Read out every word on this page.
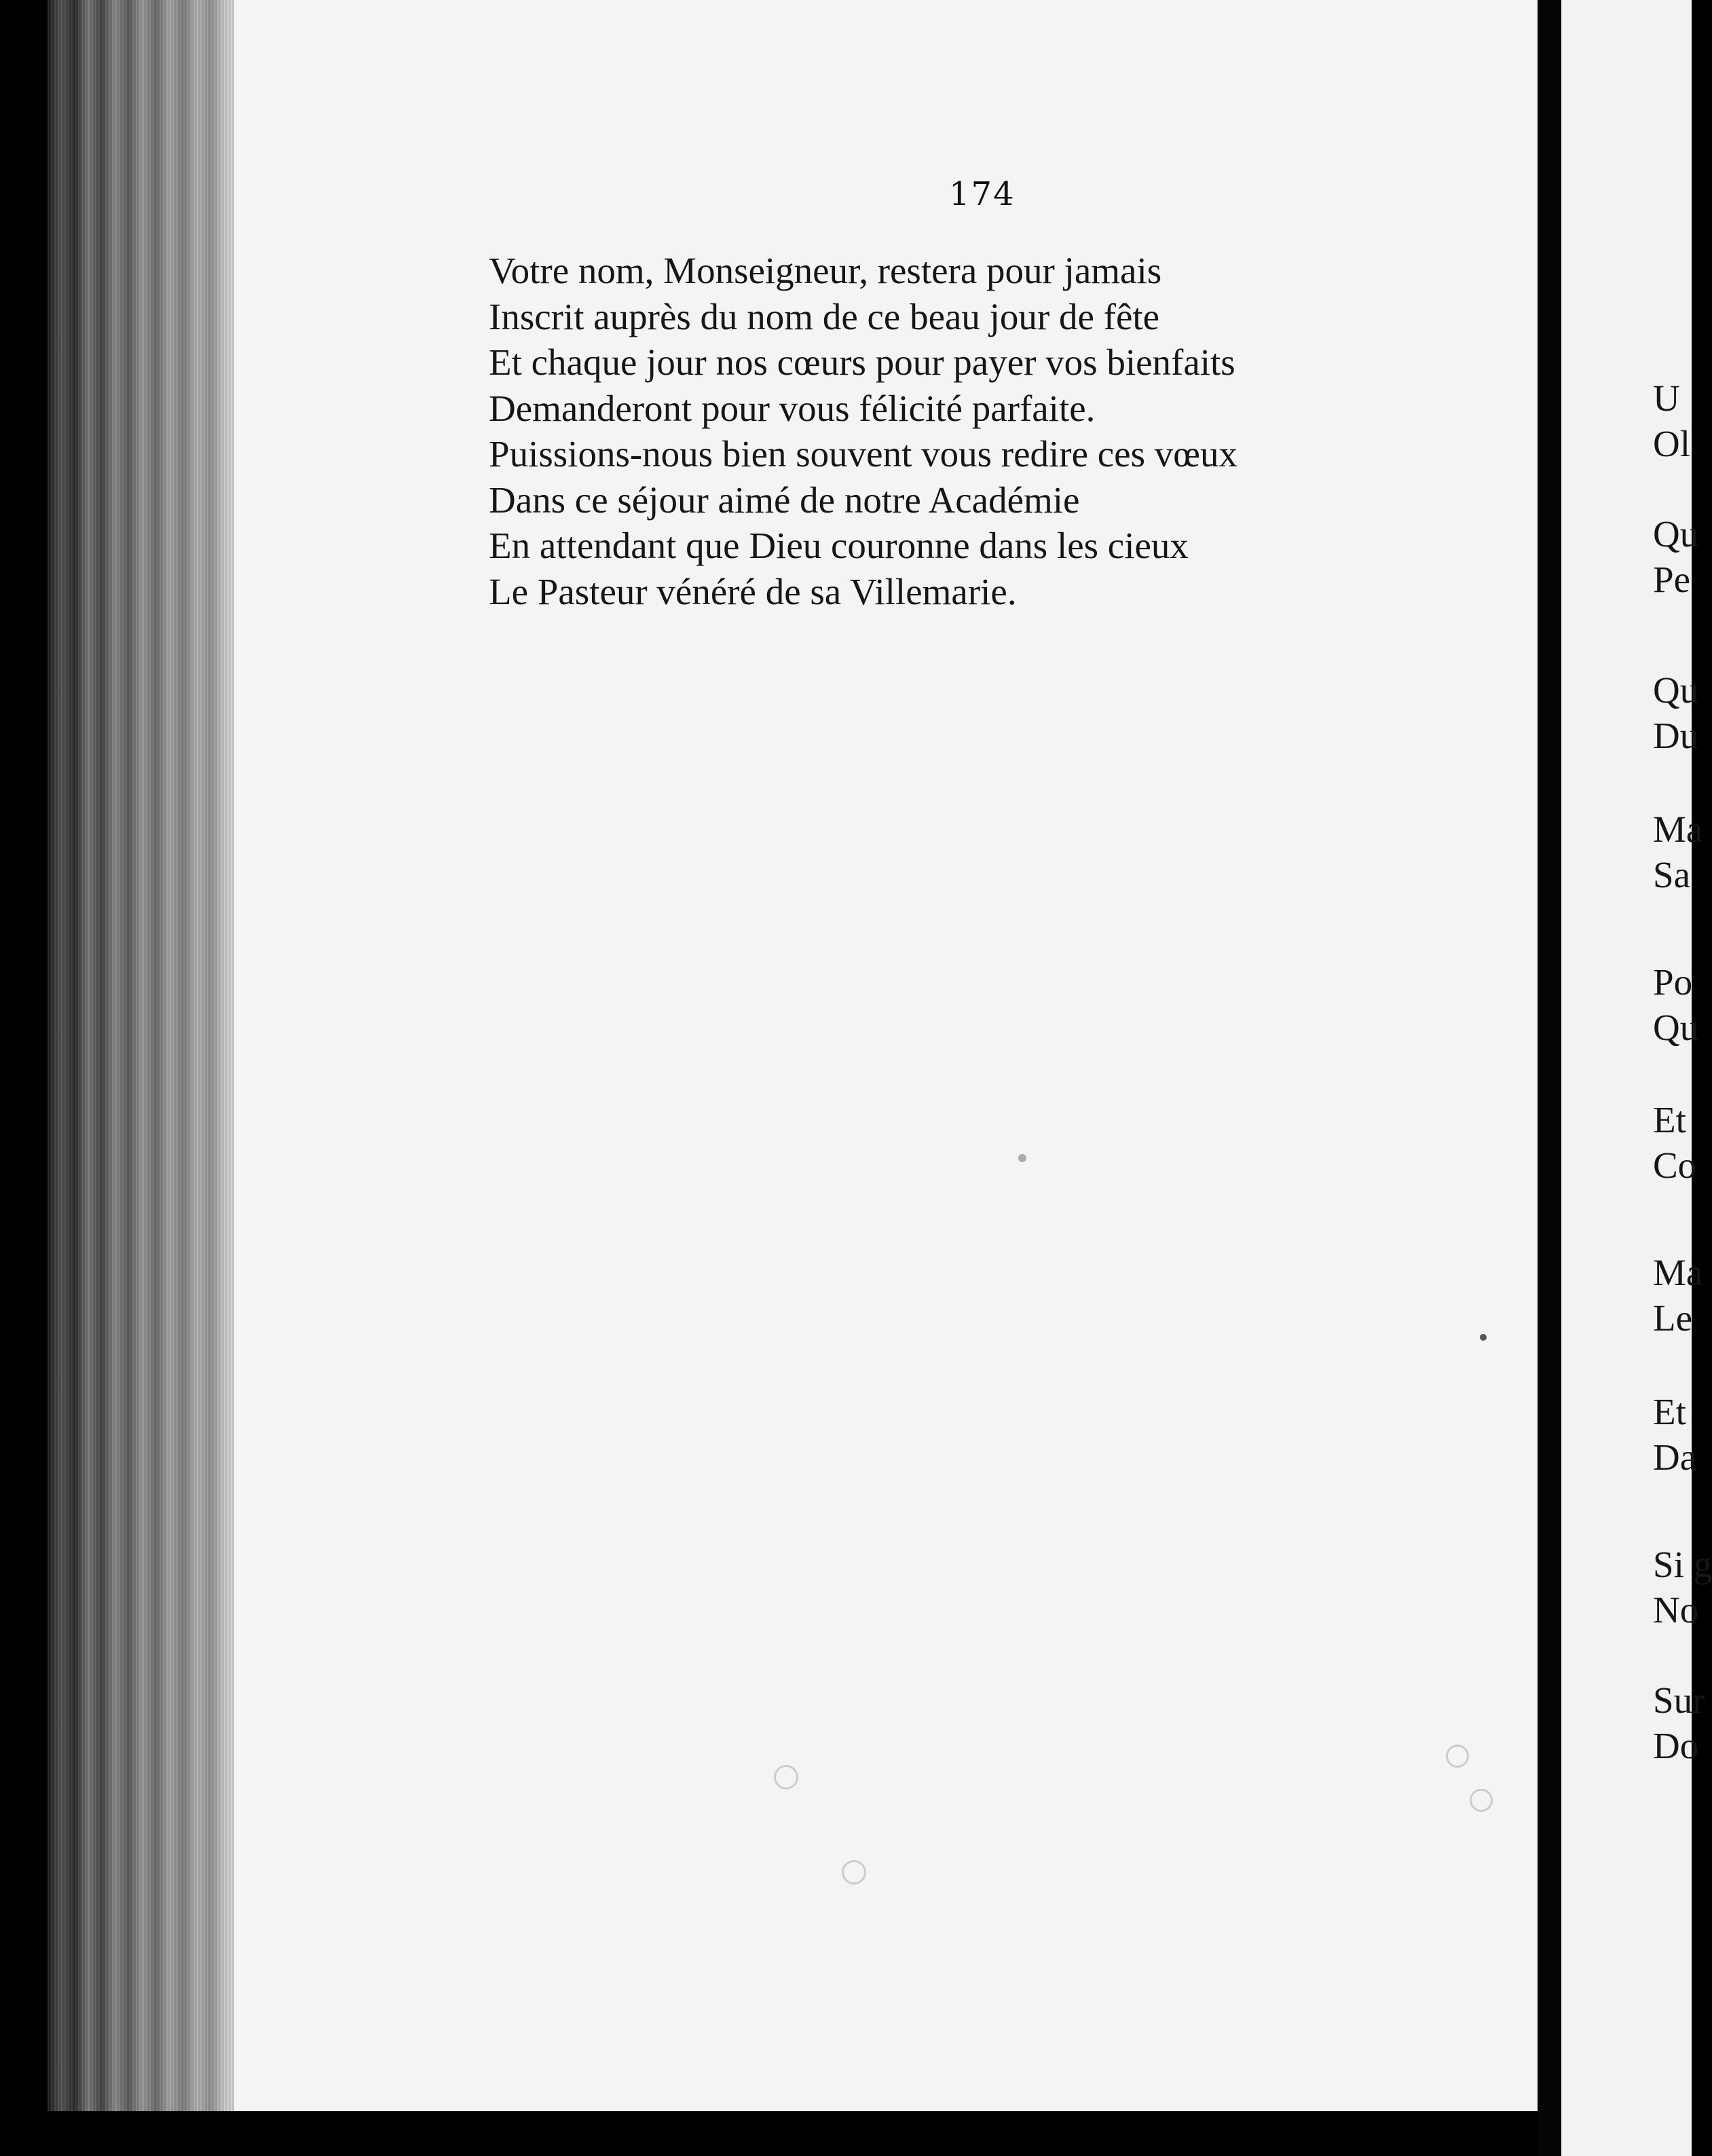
174
Votre nom, Monseigneur, restera pour jamais
Inscrit auprès du nom de ce beau jour de fête
Et chaque jour nos cœurs pour payer vos bienfaits
Demanderont pour vous félicité parfaite.
Puissions-nous bien souvent vous redire ces vœux
Dans ce séjour aimé de notre Académie
En attendant que Dieu couronne dans les cieux
Le Pasteur vénéré de sa Villemarie.
U
Ol
Qu
Pe
Qu
Du
Ma
Sa
Po
Qu
Et
Co
Ma
Le
Et
Da
Si g
No
Sur
Do
